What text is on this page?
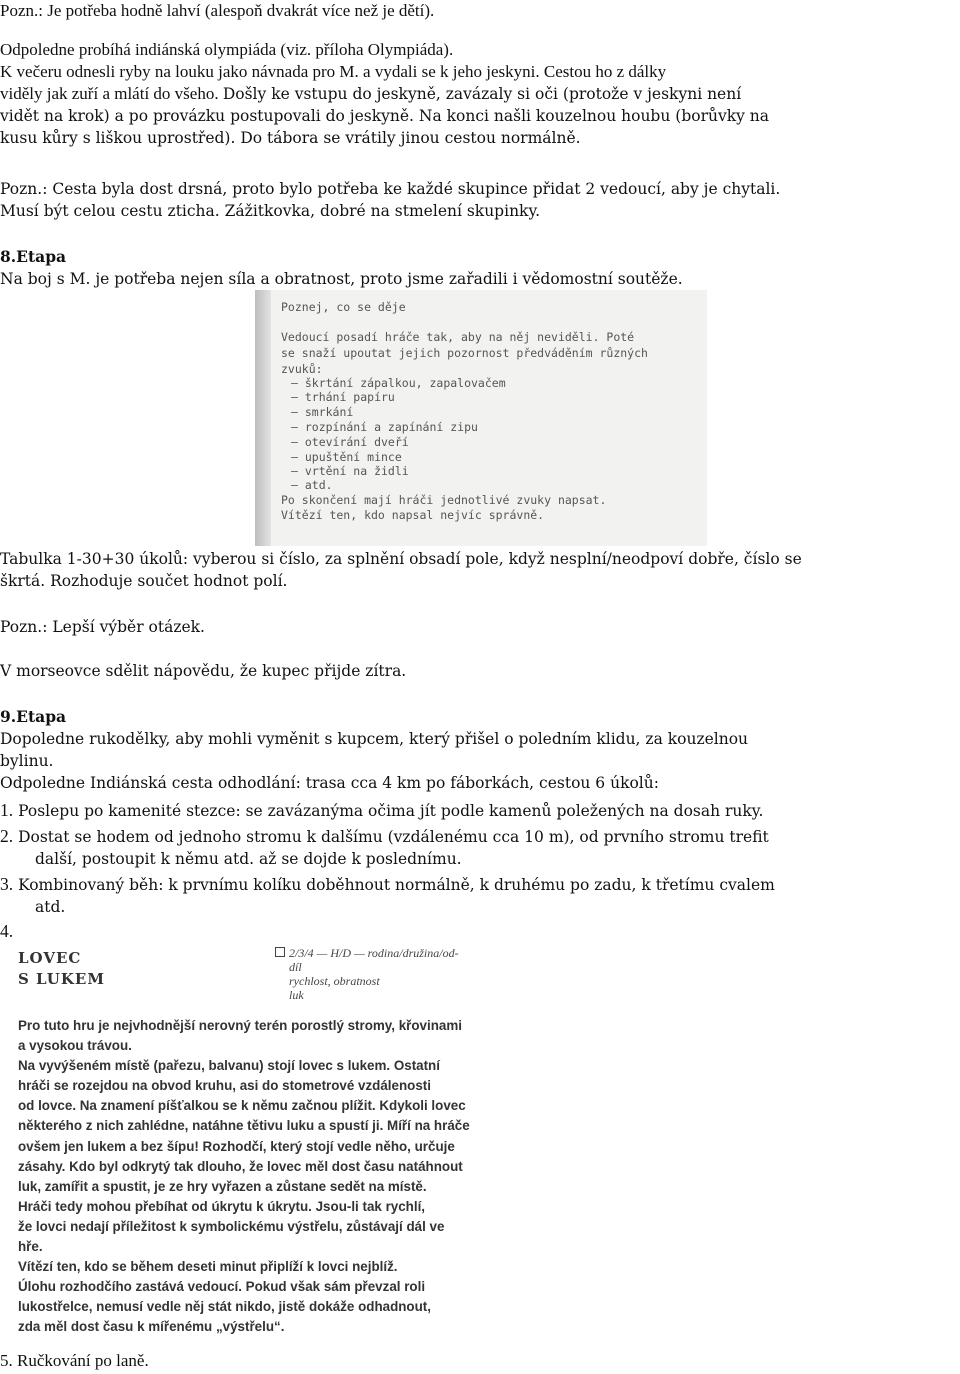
Pozn.: Je potřeba hodně lahví (alespoň dvakrát více než je dětí).
Odpoledne probíhá indiánská olympiáda (viz. příloha Olympiáda).
K večeru odnesli ryby na louku jako návnada pro M. a vydali se k jeho jeskyni. Cestou ho z dálky
viděly jak zuří a mlátí do všeho. Došly ke vstupu do jeskyně, zavázaly si oči (protože v jeskyni není
vidět na krok) a po provázku postupovali do jeskyně. Na konci našli kouzelnou houbu (borůvky na
kusu kůry s liškou uprostřed). Do tábora se vrátily jinou cestou normálně.
Pozn.: Cesta byla dost drsná, proto bylo potřeba ke každé skupince přidat 2 vedoucí, aby je chytali.
Musí být celou cestu zticha. Zážitkovka, dobré na stmelení skupinky.
8.Etapa
Na boj s M. je potřeba nejen síla a obratnost, proto jsme zařadili i vědomostní soutěže.
Poznej, co se děje
Vedoucí posadí hráče tak, aby na něj neviděli. Poté
se snaží upoutat jejich pozornost předváděním různých
zvuků:
– škrtání zápalkou, zapalovačem
– trhání papíru
– smrkání
– rozpínání a zapínání zipu
– otevírání dveří
– upuštění mince
– vrtění na židli
– atd.
Po skončení mají hráči jednotlivé zvuky napsat.
Vítězí ten, kdo napsal nejvíc správně.
Tabulka 1-30+30 úkolů: vyberou si číslo, za splnění obsadí pole, když nesplní/neodpoví dobře, číslo se
škrtá. Rozhoduje součet hodnot polí.
Pozn.: Lepší výběr otázek.
V morseovce sdělit nápovědu, že kupec přijde zítra.
9.Etapa
Dopoledne rukodělky, aby mohli vyměnit s kupcem, který přišel o poledním klidu, za kouzelnou
bylinu.
Odpoledne Indiánská cesta odhodlání: trasa cca 4 km po fáborkách, cestou 6 úkolů:
1. Poslepu po kamenité stezce: se zavázanýma očima jít podle kamenů poležených na dosah ruky.
2. Dostat se hodem od jednoho stromu k dalšímu (vzdálenému cca 10 m), od prvního stromu trefit
další, postoupit k němu atd. až se dojde k poslednímu.
3. Kombinovaný běh: k prvnímu kolíku doběhnout normálně, k druhému po zadu, k třetímu cvalem
atd.
4.
LOVEC
S LUKEM
2/3/4 — H/D — rodina/družina/od-
díl
rychlost, obratnost
luk
Pro tuto hru je nejvhodnější nerovný terén porostlý stromy, křovinami
a vysokou trávou.
Na vyvýšeném místě (pařezu, balvanu) stojí lovec s lukem. Ostatní
hráči se rozejdou na obvod kruhu, asi do stometrové vzdálenosti
od lovce. Na znamení píšťalkou se k němu začnou plížit. Kdykoli lovec
některého z nich zahlédne, natáhne tětivu luku a spustí ji. Míří na hráče
ovšem jen lukem a bez šípu! Rozhodčí, který stojí vedle něho, určuje
zásahy. Kdo byl odkrytý tak dlouho, že lovec měl dost času natáhnout
luk, zamířit a spustit, je ze hry vyřazen a zůstane sedět na místě.
Hráči tedy mohou přebíhat od úkrytu k úkrytu. Jsou-li tak rychlí,
že lovci nedají příležitost k symbolickému výstřelu, zůstávají dál ve
hře.
Vítězí ten, kdo se během deseti minut připlíží k lovci nejblíž.
Úlohu rozhodčího zastává vedoucí. Pokud však sám převzal roli
lukostřelce, nemusí vedle něj stát nikdo, jistě dokáže odhadnout,
zda měl dost času k mířenému „výstřelu“.
5. Ručkování po laně.
